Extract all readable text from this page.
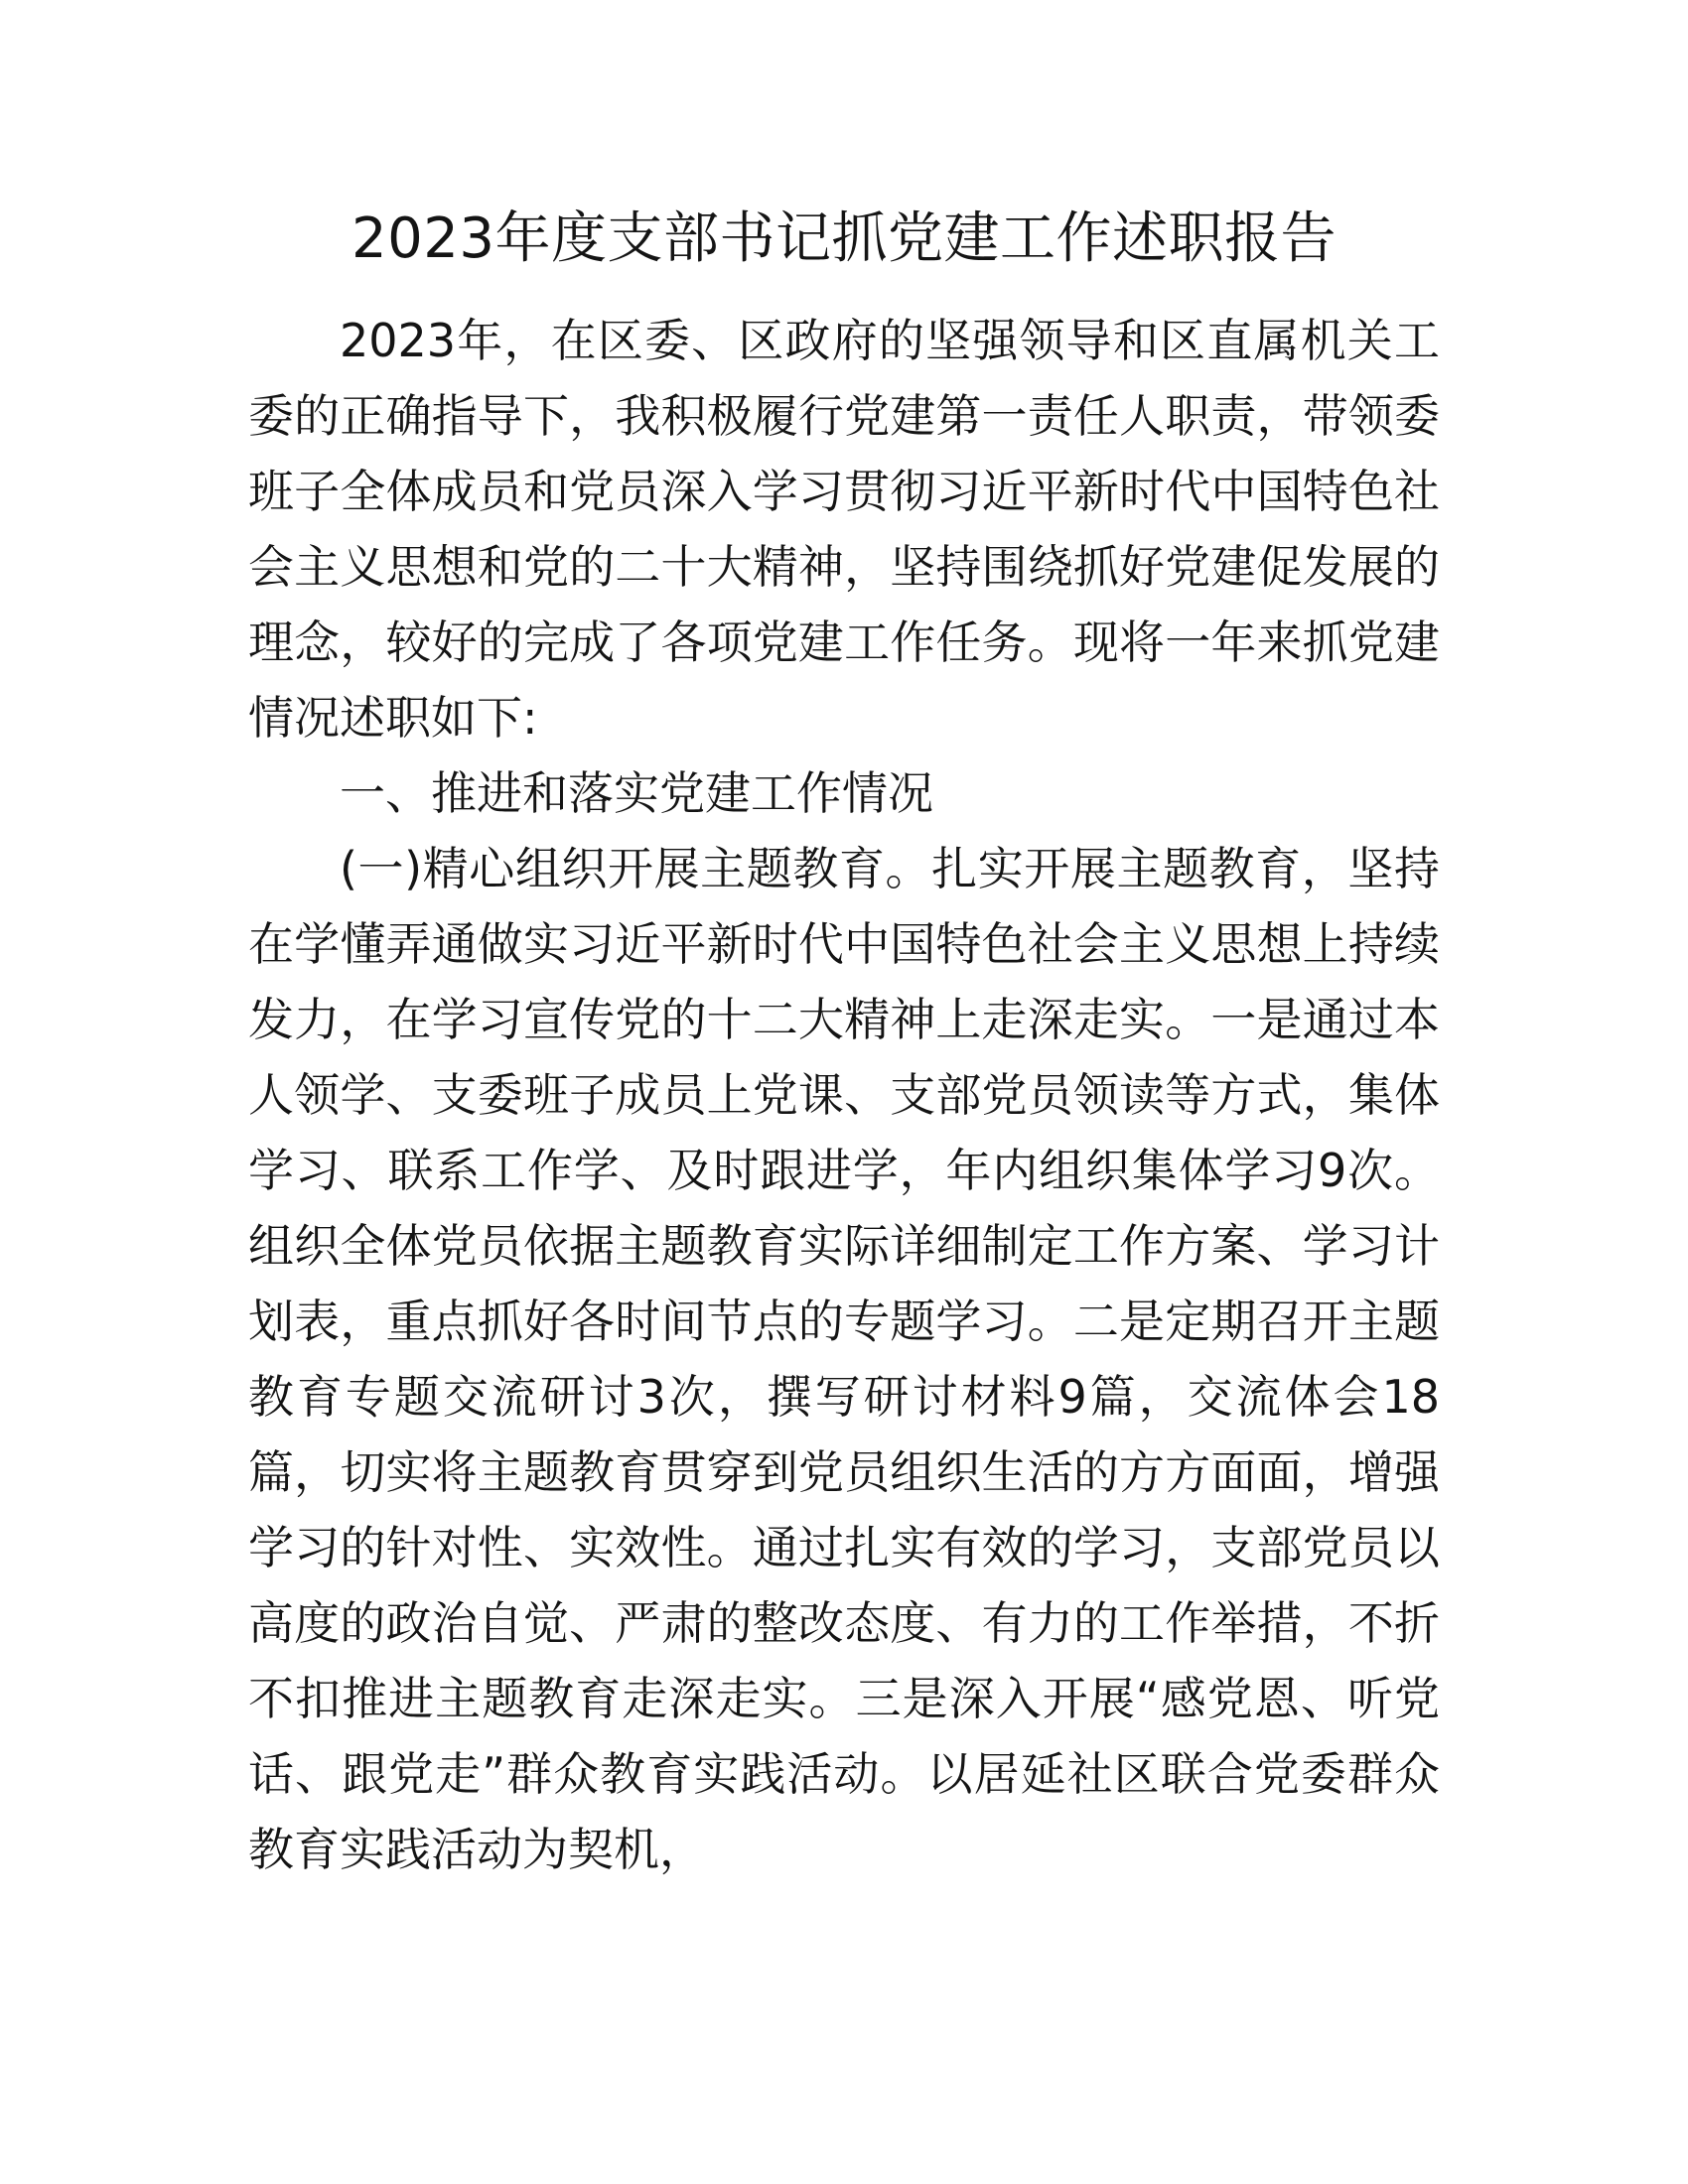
2023年度支部书记抓党建工作述职报告

2023年，在区委、区政府的坚强领导和区直属机关工委的正确指导下，我积极履行党建第一责任人职责，带领委班子全体成员和党员深入学习贯彻习近平新时代中国特色社会主义思想和党的二十大精神，坚持围绕抓好党建促发展的理念，较好的完成了各项党建工作任务。现将一年来抓党建情况述职如下:

一、推进和落实党建工作情况

(一)精心组织开展主题教育。扎实开展主题教育，坚持在学懂弄通做实习近平新时代中国特色社会主义思想上持续发力，在学习宣传党的十二大精神上走深走实。一是通过本人领学、支委班子成员上党课、支部党员领读等方式，集体学习、联系工作学、及时跟进学，年内组织集体学习9次。组织全体党员依据主题教育实际详细制定工作方案、学习计划表，重点抓好各时间节点的专题学习。二是定期召开主题教育专题交流研讨3次，撰写研讨材料9篇，交流体会18篇，切实将主题教育贯穿到党员组织生活的方方面面，增强学习的针对性、实效性。通过扎实有效的学习，支部党员以高度的政治自觉、严肃的整改态度、有力的工作举措，不折不扣推进主题教育走深走实。三是深入开展“感党恩、听党话、跟党走”群众教育实践活动。以居延社区联合党委群众教育实践活动为契机，
